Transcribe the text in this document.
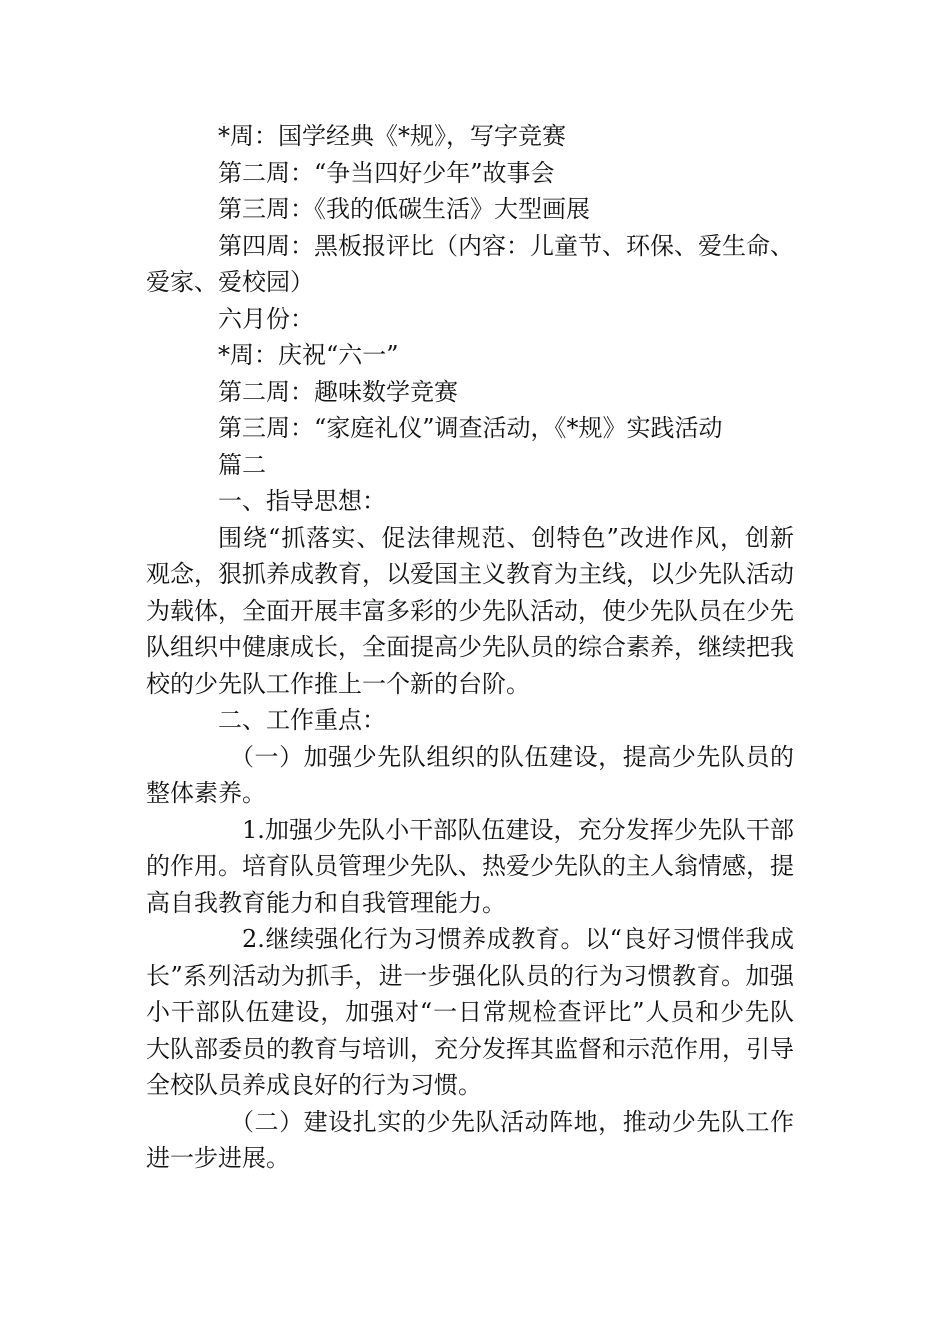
*周：国学经典《*规》，写字竞赛

第二周：“争当四好少年”故事会

第三周：《我的低碳生活》大型画展

第四周：黑板报评比（内容：儿童节、环保、爱生命、爱家、爱校园）

六月份：

*周：庆祝“六一”

第二周：趣味数学竞赛

第三周：“家庭礼仪”调查活动，《*规》实践活动

篇二

一、指导思想：

围绕“抓落实、促法律规范、创特色”改进作风，创新观念，狠抓养成教育，以爱国主义教育为主线，以少先队活动为载体，全面开展丰富多彩的少先队活动，使少先队员在少先队组织中健康成长，全面提高少先队员的综合素养，继续把我校的少先队工作推上一个新的台阶。

二、工作重点：

（一）加强少先队组织的队伍建设，提高少先队员的整体素养。

1.加强少先队小干部队伍建设，充分发挥少先队干部的作用。培育队员管理少先队、热爱少先队的主人翁情感，提高自我教育能力和自我管理能力。

2.继续强化行为习惯养成教育。以“良好习惯伴我成长”系列活动为抓手，进一步强化队员的行为习惯教育。加强小干部队伍建设，加强对“一日常规检查评比”人员和少先队大队部委员的教育与培训，充分发挥其监督和示范作用，引导全校队员养成良好的行为习惯。

（二）建设扎实的少先队活动阵地，推动少先队工作进一步进展。
